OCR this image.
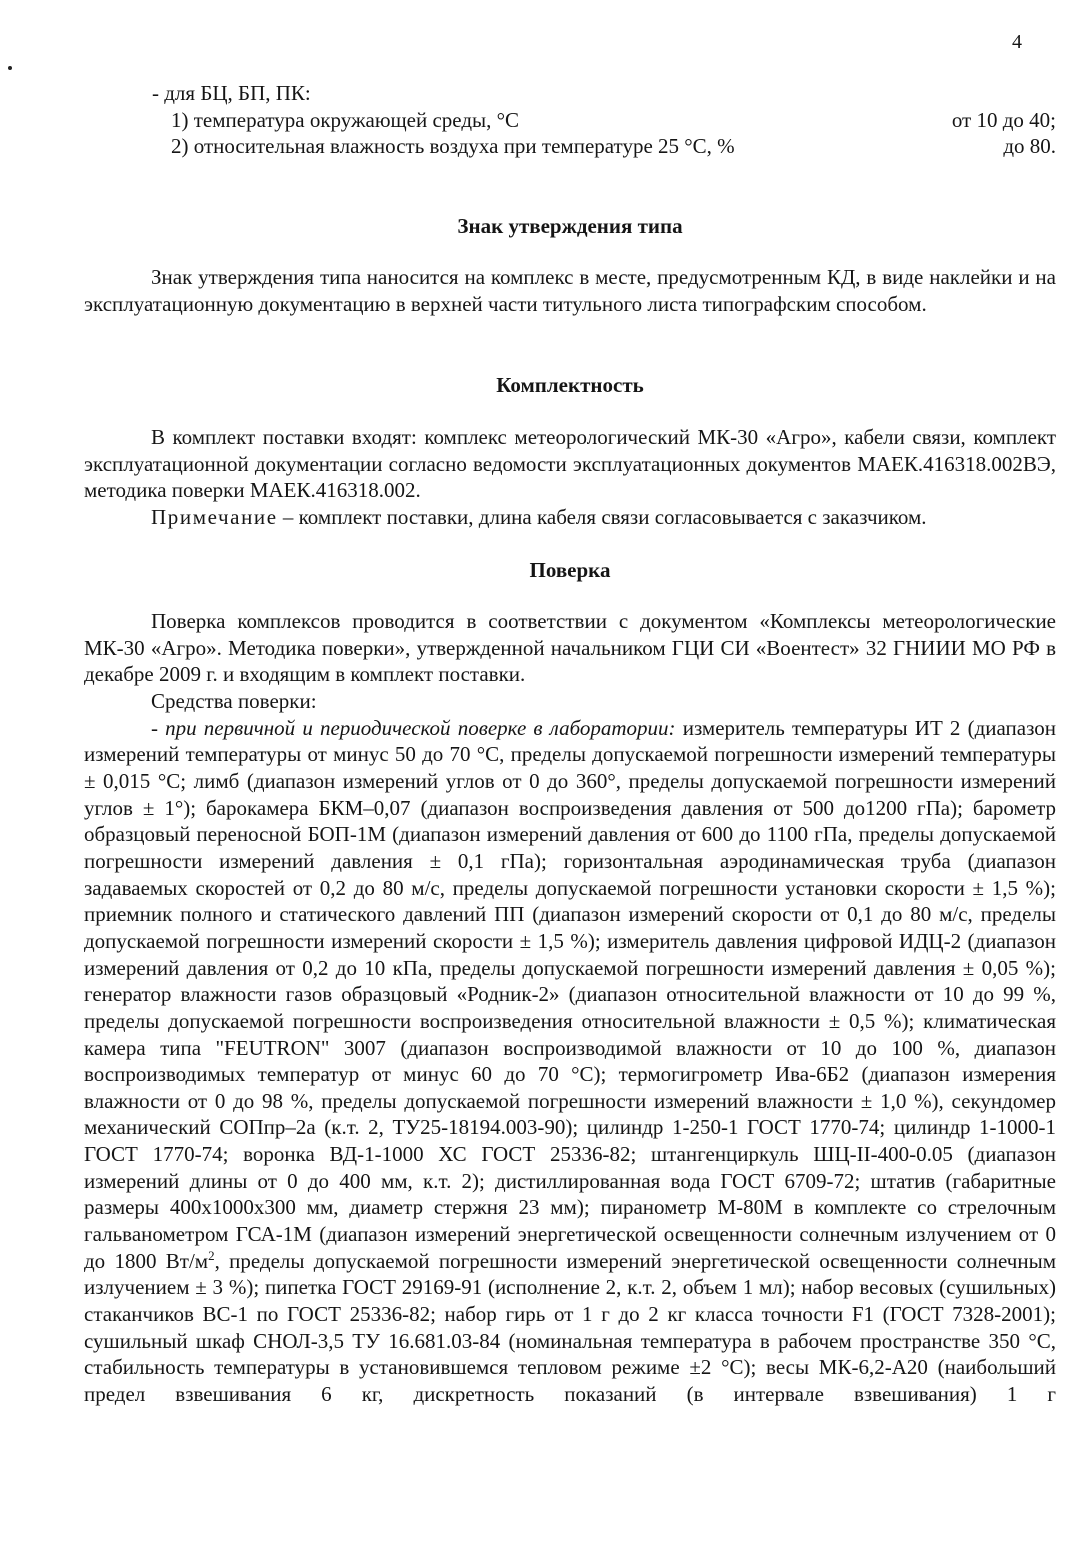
4
- для БЦ, БП, ПК:
1) температура окружающей среды, °С	от 10 до 40;
2) относительная влажность воздуха при температуре 25 °С, %	до 80.
Знак утверждения типа

Знак утверждения типа наносится на комплекс в месте, предусмотренным КД, в виде наклейки и на эксплуатационную документацию в верхней части титульного листа типографским способом.

Комплектность

В комплект поставки входят: комплекс метеорологический МК-30 «Агро», кабели связи, комплект эксплуатационной документации согласно ведомости эксплуатационных документов МАЕК.416318.002ВЭ, методика поверки МАЕК.416318.002.

Примечание – комплект поставки, длина кабеля связи согласовывается с заказчиком.

Поверка

Поверка комплексов проводится в соответствии с документом «Комплексы метеорологические МК-30 «Агро». Методика поверки», утвержденной начальником ГЦИ СИ «Воентест» 32 ГНИИИ МО РФ в декабре 2009 г. и входящим в комплект поставки.

Средства поверки:

- при первичной и периодической поверке в лаборатории: измеритель температуры ИТ 2 (диапазон измерений температуры от минус 50 до 70 °С, пределы допускаемой погрешности измерений температуры ± 0,015 °С; лимб (диапазон измерений углов от 0 до 360°, пределы допускаемой погрешности измерений углов ± 1°); барокамера БКМ–0,07 (диапазон воспроизведения давления от 500 до1200 гПа); барометр образцовый переносной БОП-1М (диапазон измерений давления от 600 до 1100 гПа, пределы допускаемой погрешности измерений давления ± 0,1 гПа); горизонтальная аэродинамическая труба (диапазон задаваемых скоростей от 0,2 до 80 м/с, пределы допускаемой погрешности установки скорости ± 1,5 %); приемник полного и статического давлений ПП (диапазон измерений скорости от 0,1 до 80 м/с, пределы допускаемой погрешности измерений скорости ± 1,5 %); измеритель давления цифровой ИДЦ-2 (диапазон измерений давления от 0,2 до 10 кПа, пределы допускаемой погрешности измерений давления ± 0,05 %); генератор влажности газов образцовый «Родник-2» (диапазон относительной влажности от 10 до 99 %, пределы допускаемой погрешности воспроизведения относительной влажности ± 0,5 %); климатическая камера типа "FEUTRON" 3007 (диапазон воспроизводимой влажности от 10 до 100 %, диапазон воспроизводимых температур от минус 60 до 70 °С); термогигрометр Ива-6Б2 (диапазон измерения влажности от 0 до 98 %, пределы допускаемой погрешности измерений влажности ± 1,0 %), секундомер механический СОПпр–2а (к.т. 2, ТУ25-18194.003-90); цилиндр 1-250-1 ГОСТ 1770-74; цилиндр 1-1000-1 ГОСТ 1770-74; воронка ВД-1-1000 ХС ГОСТ 25336-82; штангенциркуль ШЦ-II-400-0.05 (диапазон измерений длины от 0 до 400 мм, к.т. 2); дистиллированная вода ГОСТ 6709-72; штатив (габаритные размеры 400х1000х300 мм, диаметр стержня 23 мм); пиранометр М-80М в комплекте со стрелочным гальванометром ГСА-1М (диапазон измерений энергетической освещенности солнечным излучением от 0 до 1800 $Вт/м^2$, пределы допускаемой погрешности измерений энергетической освещенности солнечным излучением ± 3 %); пипетка ГОСТ 29169-91 (исполнение 2, к.т. 2, объем 1 мл); набор весовых (сушильных) стаканчиков ВС-1 по ГОСТ 25336-82; набор гирь от 1 г до 2 кг класса точности F1 (ГОСТ 7328-2001); сушильный шкаф СНОЛ-3,5 ТУ 16.681.03-84 (номинальная температура в рабочем пространстве 350 °С, стабильность температуры в установившемся тепловом режиме ±2 °С); весы МК-6,2-А20 (наибольший предел взвешивания 6 кг, дискретность показаний (в интервале взвешивания) 1 г
